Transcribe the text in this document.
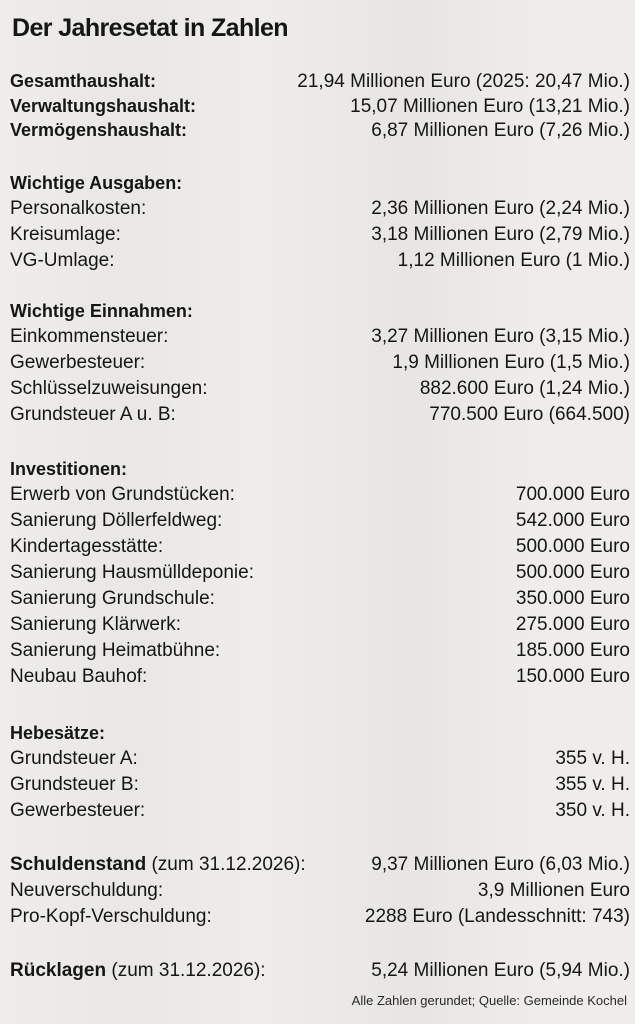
Der Jahresetat in Zahlen
Gesamthaushalt:	21,94 Millionen Euro (2025: 20,47 Mio.)
Verwaltungshaushalt:	15,07 Millionen Euro (13,21 Mio.)
Vermögenshaushalt:	6,87 Millionen Euro (7,26 Mio.)
Wichtige Ausgaben:
Personalkosten:	2,36 Millionen Euro (2,24 Mio.)
Kreisumlage:	3,18 Millionen Euro (2,79 Mio.)
VG-Umlage:	1,12 Millionen Euro (1 Mio.)
Wichtige Einnahmen:
Einkommensteuer:	3,27 Millionen Euro (3,15 Mio.)
Gewerbesteuer:	1,9 Millionen Euro (1,5 Mio.)
Schlüsselzuweisungen:	882.600 Euro (1,24 Mio.)
Grundsteuer A u. B:	770.500 Euro (664.500)
Investitionen:
Erwerb von Grundstücken:	700.000 Euro
Sanierung Döllerfeldweg:	542.000 Euro
Kindertagesstätte:	500.000 Euro
Sanierung Hausmülldeponie:	500.000 Euro
Sanierung Grundschule:	350.000 Euro
Sanierung Klärwerk:	275.000 Euro
Sanierung Heimatbühne:	185.000 Euro
Neubau Bauhof:	150.000 Euro
Hebesätze:
Grundsteuer A:	355 v. H.
Grundsteuer B:	355 v. H.
Gewerbesteuer:	350 v. H.
Schuldenstand (zum 31.12.2026):	9,37 Millionen Euro (6,03 Mio.)
Neuverschuldung:	3,9 Millionen Euro
Pro-Kopf-Verschuldung:	2288 Euro (Landesschnitt: 743)
Rücklagen (zum 31.12.2026):	5,24 Millionen Euro (5,94 Mio.)
Alle Zahlen gerundet; Quelle: Gemeinde Kochel
